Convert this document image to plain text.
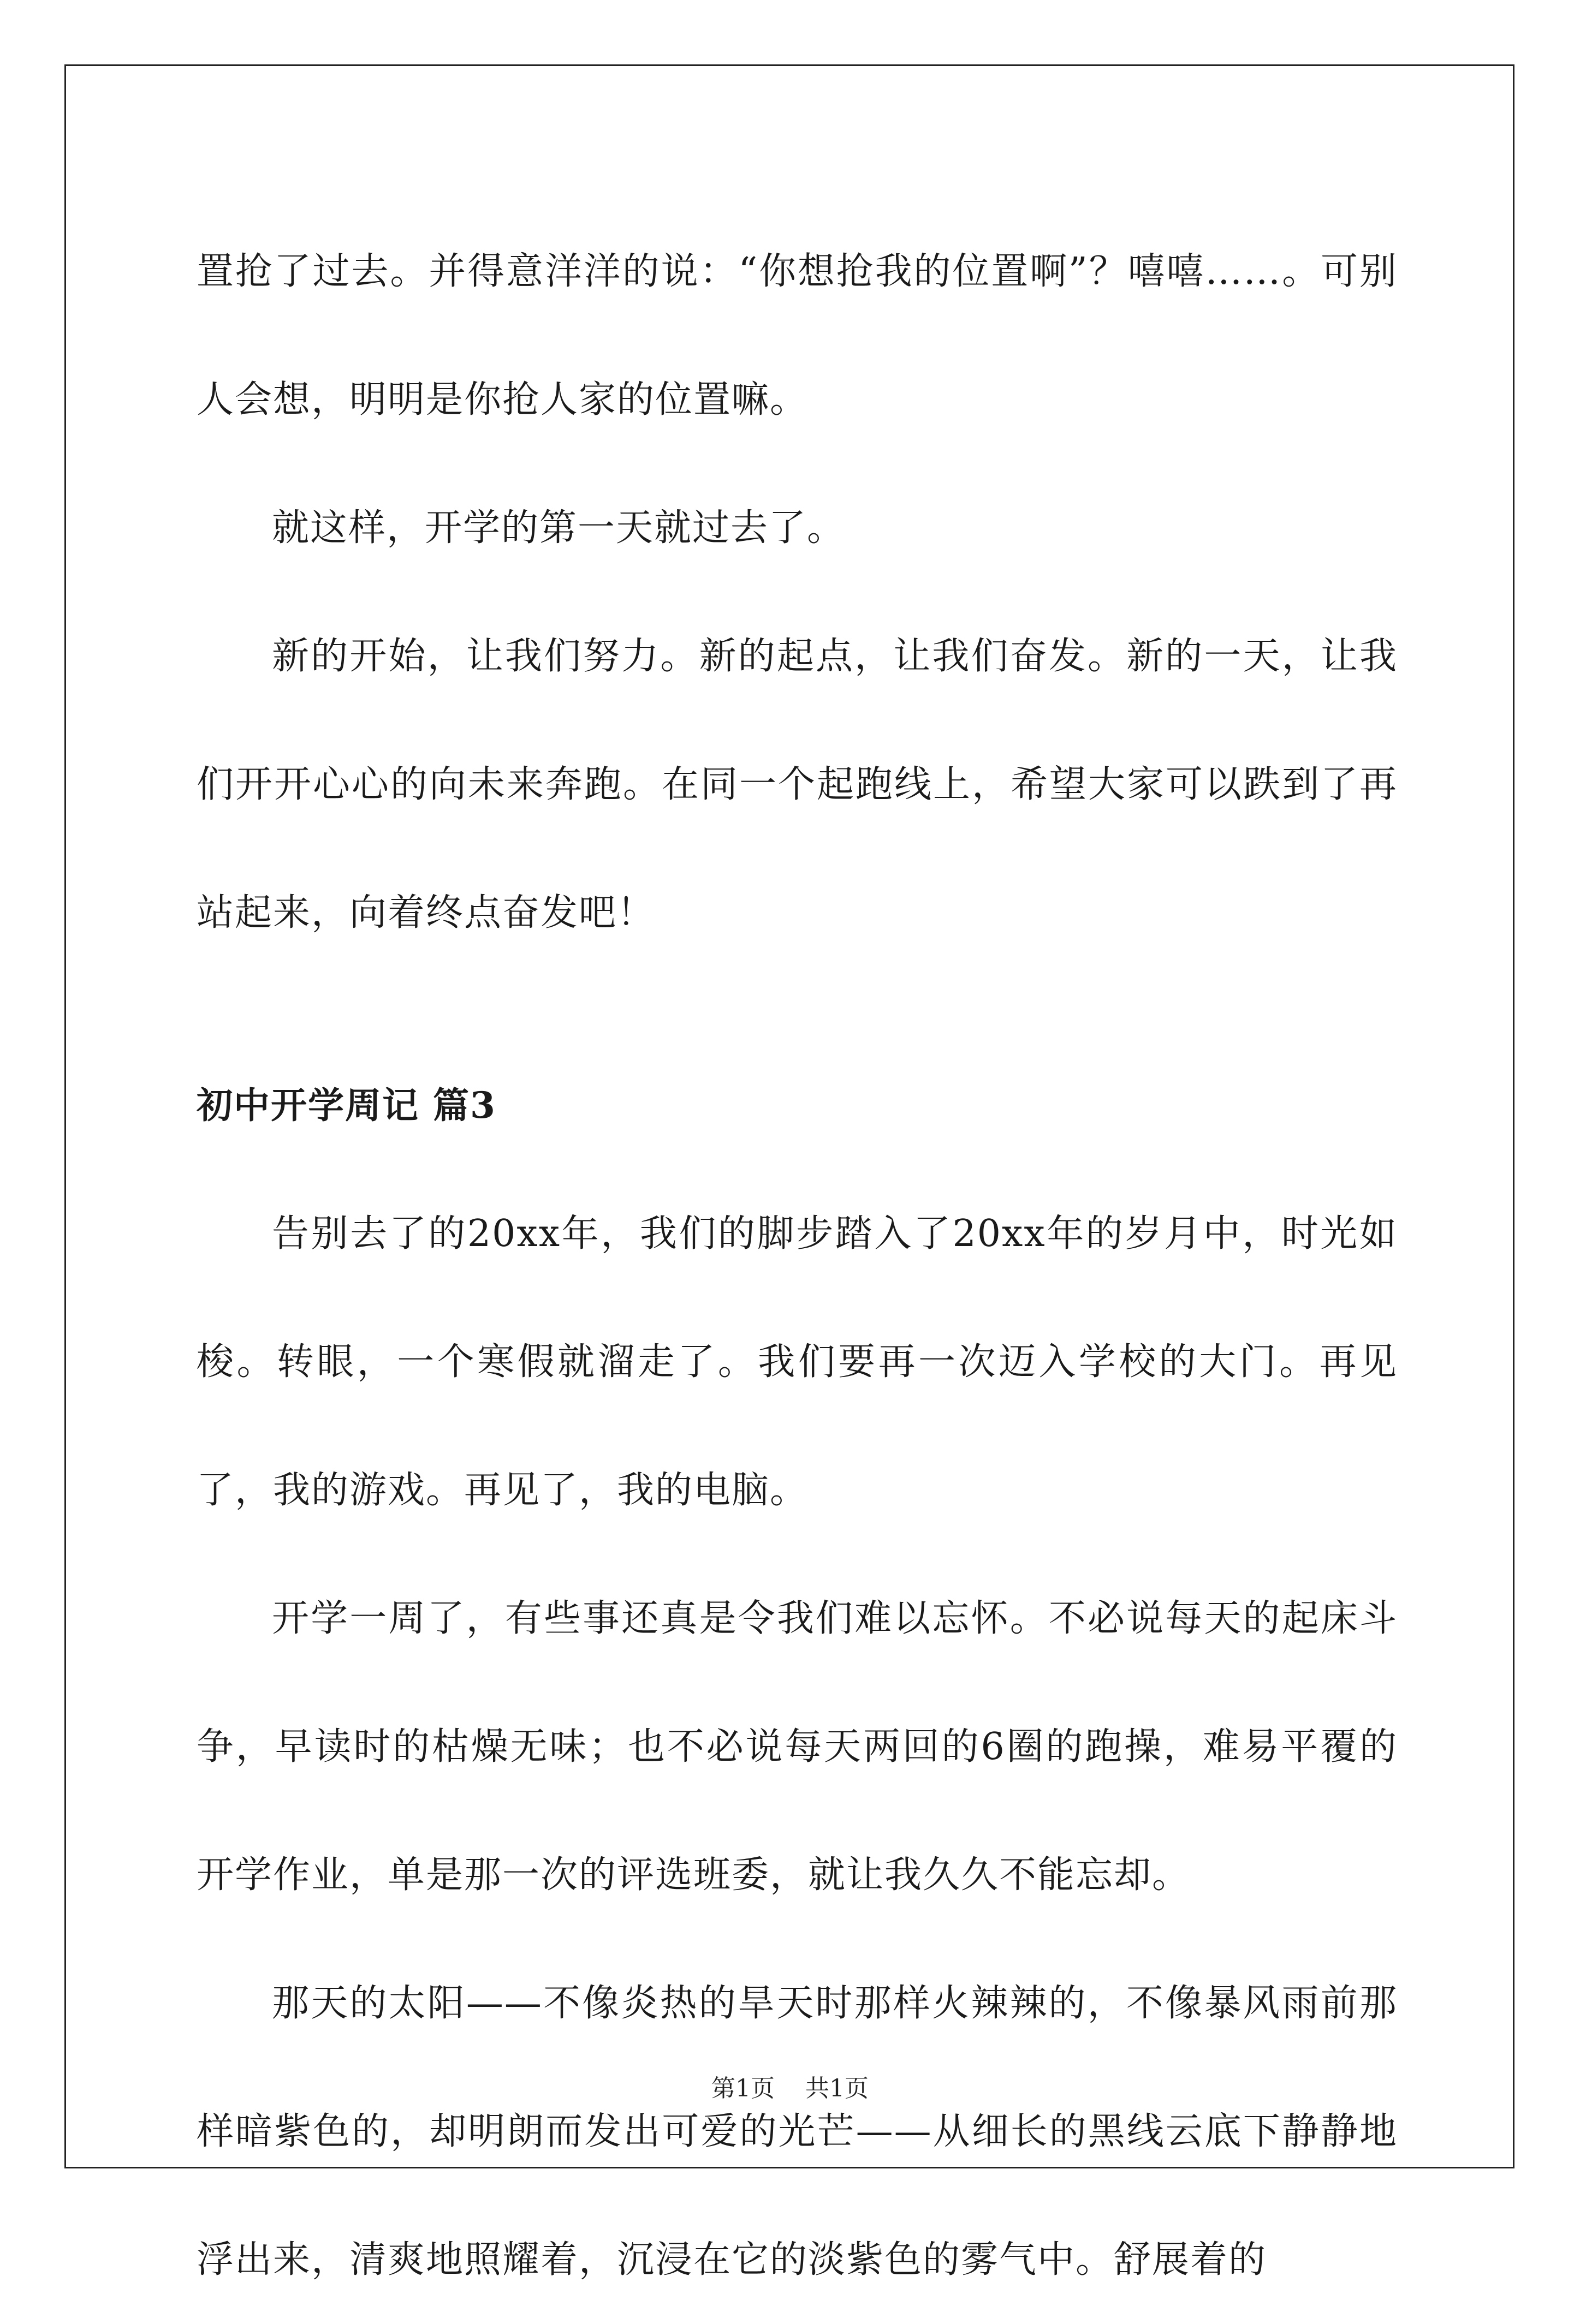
置抢了过去。并得意洋洋的说：“你想抢我的位置啊”？嘻嘻……。可别人会想，明明是你抢人家的位置嘛。

就这样，开学的第一天就过去了。

新的开始，让我们努力。新的起点，让我们奋发。新的一天，让我们开开心心的向未来奔跑。在同一个起跑线上，希望大家可以跌到了再站起来，向着终点奋发吧！

初中开学周记 篇3

告别去了的20xx年，我们的脚步踏入了20xx年的岁月中，时光如梭。转眼，一个寒假就溜走了。我们要再一次迈入学校的大门。再见了，我的游戏。再见了，我的电脑。

开学一周了，有些事还真是令我们难以忘怀。不必说每天的起床斗争，早读时的枯燥无味；也不必说每天两回的6圈的跑操，难易平覆的开学作业，单是那一次的评选班委，就让我久久不能忘却。

那天的太阳——不像炎热的旱天时那样火辣辣的，不像暴风雨前那样暗紫色的，却明朗而发出可爱的光芒——从细长的黑线云底下静静地浮出来，清爽地照耀着，沉浸在它的淡紫色的雾气中。舒展着的

第1页 共1页
